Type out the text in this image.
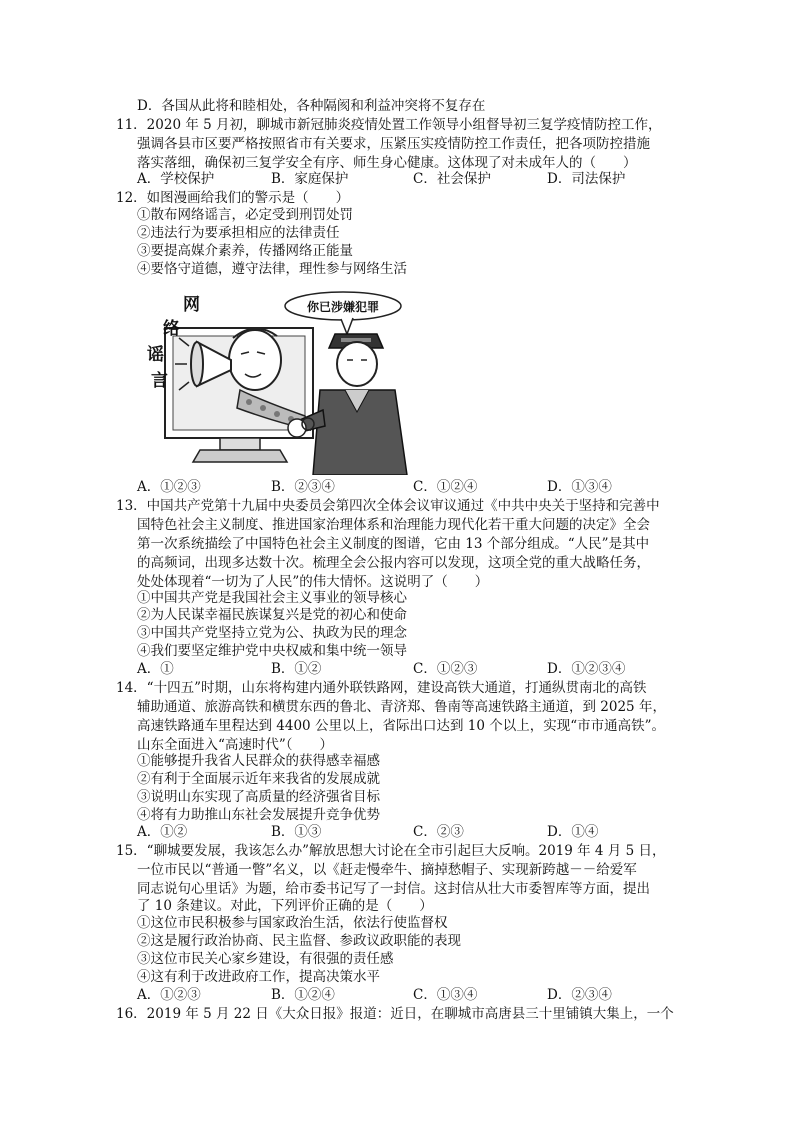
D．各国从此将和睦相处，各种隔阂和利益冲突将不复存在
11．2020 年 5 月初，聊城市新冠肺炎疫情处置工作领导小组督导初三复学疫情防控工作，
强调各县市区要严格按照省市有关要求，压紧压实疫情防控工作责任，把各项防控措施
落实落细，确保初三复学安全有序、师生身心健康。这体现了对未成年人的（　　）
A．学校保护	B．家庭保护	C．社会保护	D．司法保护
12．如图漫画给我们的警示是（　　）
①散布网络谣言，必定受到刑罚处罚
②违法行为要承担相应的法律责任
③要提高媒介素养，传播网络正能量
④要恪守道德，遵守法律，理性参与网络生活
网
络
谣
言
你已涉嫌犯罪
A．①②③	B．②③④	C．①②④	D．①③④
13．中国共产党第十九届中央委员会第四次全体会议审议通过《中共中央关于坚持和完善中
国特色社会主义制度、推进国家治理体系和治理能力现代化若干重大问题的决定》全会
第一次系统描绘了中国特色社会主义制度的图谱，它由 13 个部分组成。“人民”是其中
的高频词，出现多达数十次。梳理全会公报内容可以发现，这项全党的重大战略任务，
处处体现着“一切为了人民”的伟大情怀。这说明了（　　）
①中国共产党是我国社会主义事业的领导核心
②为人民谋幸福民族谋复兴是党的初心和使命
③中国共产党坚持立党为公、执政为民的理念
④我们要坚定维护党中央权威和集中统一领导
A．①	B．①②	C．①②③	D．①②③④
14．“十四五”时期，山东将构建内通外联铁路网，建设高铁大通道，打通纵贯南北的高铁
辅助通道、旅游高铁和横贯东西的鲁北、青济郑、鲁南等高速铁路主通道，到 2025 年，
高速铁路通车里程达到 4400 公里以上，省际出口达到 10 个以上，实现“市市通高铁”。
山东全面进入“高速时代”（　　）
①能够提升我省人民群众的获得感幸福感
②有利于全面展示近年来我省的发展成就
③说明山东实现了高质量的经济强省目标
④将有力助推山东社会发展提升竞争优势
A．①②	B．①③	C．②③	D．①④
15．“聊城要发展，我该怎么办”解放思想大讨论在全市引起巨大反响。2019 年 4 月 5 日，
一位市民以“普通一瞥”名义，以《赶走慢牵牛、摘掉愁帽子、实现新跨越－－给爱军
同志说句心里话》为题，给市委书记写了一封信。这封信从壮大市委智库等方面，提出
了 10 条建议。对此，下列评价正确的是（　　）
①这位市民积极参与国家政治生活，依法行使监督权
②这是履行政治协商、民主监督、参政议政职能的表现
③这位市民关心家乡建设，有很强的责任感
④这有利于改进政府工作，提高决策水平
A．①②③	B．①②④	C．①③④	D．②③④
16．2019 年 5 月 22 日《大众日报》报道：近日，在聊城市高唐县三十里铺镇大集上，一个
